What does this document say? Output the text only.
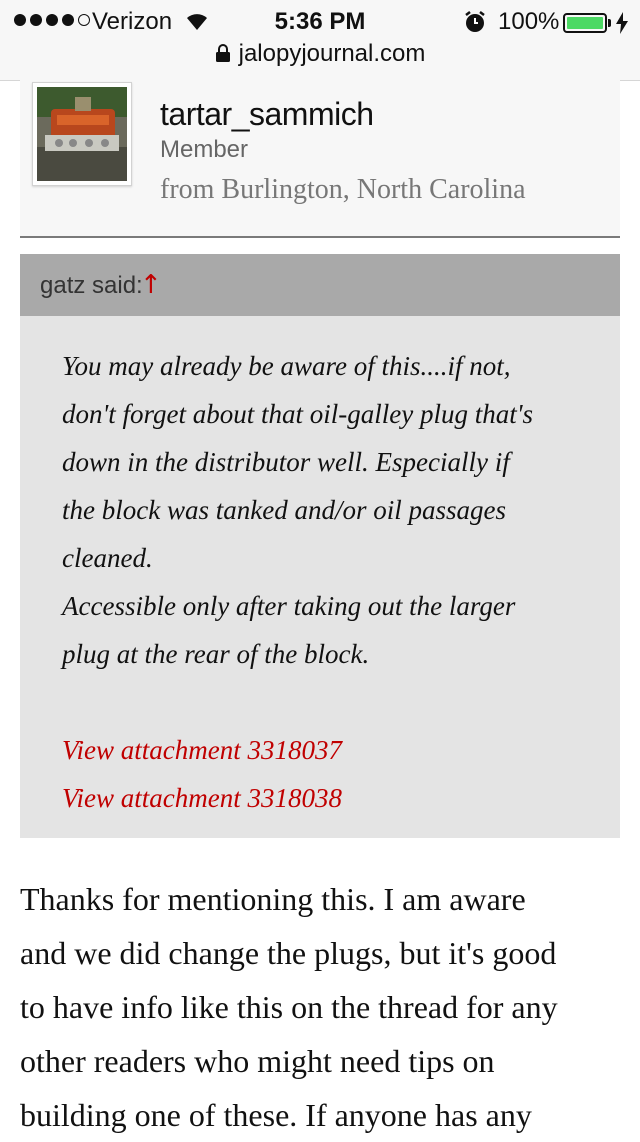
Verizon	5:36 PM	100%
jalopyjournal.com
tartar_sammich
Member
from Burlington, North Carolina
gatz said:
↑

You may already be aware of this....if not,

don't forget about that oil-galley plug that's

down in the distributor well. Especially if

the block was tanked and/or oil passages

cleaned.

Accessible only after taking out the larger

plug at the rear of the block.

View attachment 3318037
View attachment 3318038

Thanks for mentioning this. I am aware

and we did change the plugs, but it's good

to have info like this on the thread for any

other readers who might need tips on

building one of these. If anyone has any
